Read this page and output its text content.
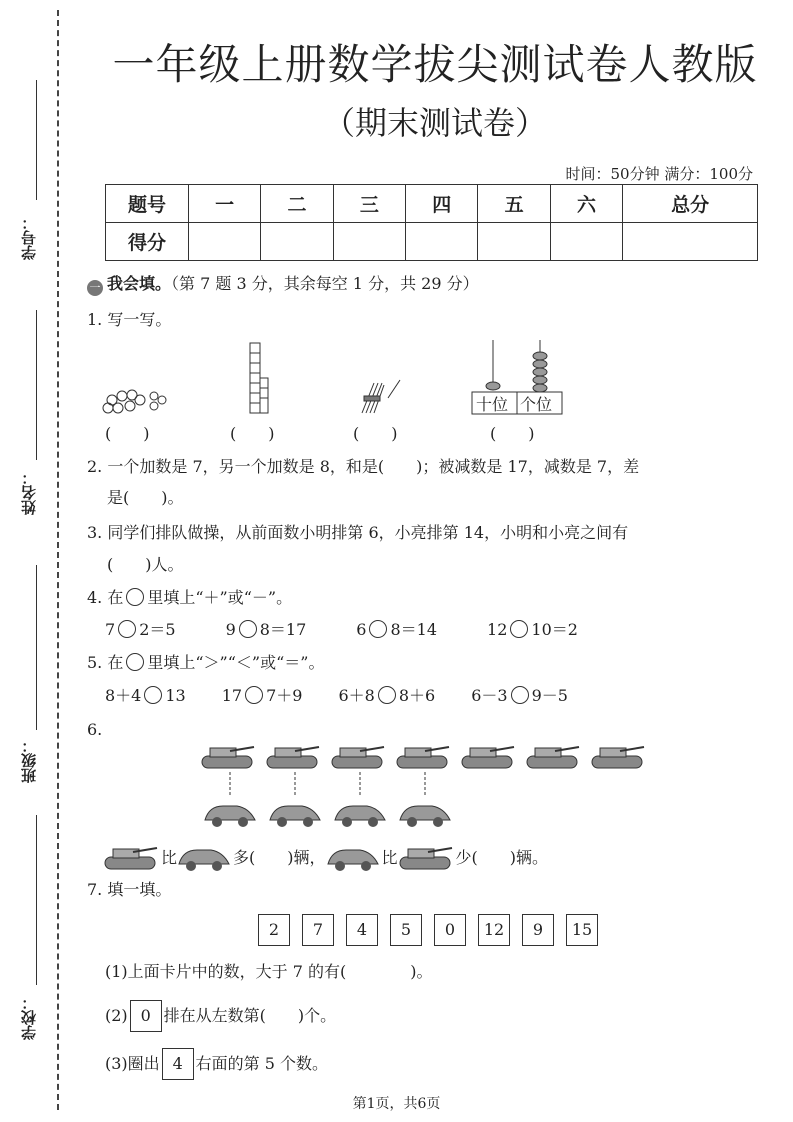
学号：
姓名：
班级：
学校：
一年级上册数学拔尖测试卷人教版
（期末测试卷）
时间：50分钟 满分：100分
题号	一	二	三	四	五	六	总分
得分							
一 我会填。（第 7 题 3 分，其余每空 1 分，共 29 分）
1. 写一写。
十位 个位
(　　)	(　　)	(　　)	(　　)
2. 一个加数是 7，另一个加数是 8，和是(　　)；被减数是 17，减数是 7，差
是(　　)。
3. 同学们排队做操，从前面数小明排第 6，小亮排第 14，小明和小亮之间有
(　　)人。
4. 在 里填上“＋”或“－”。
7 2＝5	9 8＝17	6 8＝14	12 10＝2
5. 在 里填上“＞”“＜”或“＝”。
8＋4 13 17 7＋9 6＋8 8＋6 6－3 9－5
6.
比	多(　　)辆，	比	少(　　)辆。
7. 填一填。
2 7 4 5 0 12 9 15
(1)上面卡片中的数，大于 7 的有(　　　　)。
(2) 0 排在从左数第(　　)个。
(3)圈出 4 右面的第 5 个数。
第1页，共6页
